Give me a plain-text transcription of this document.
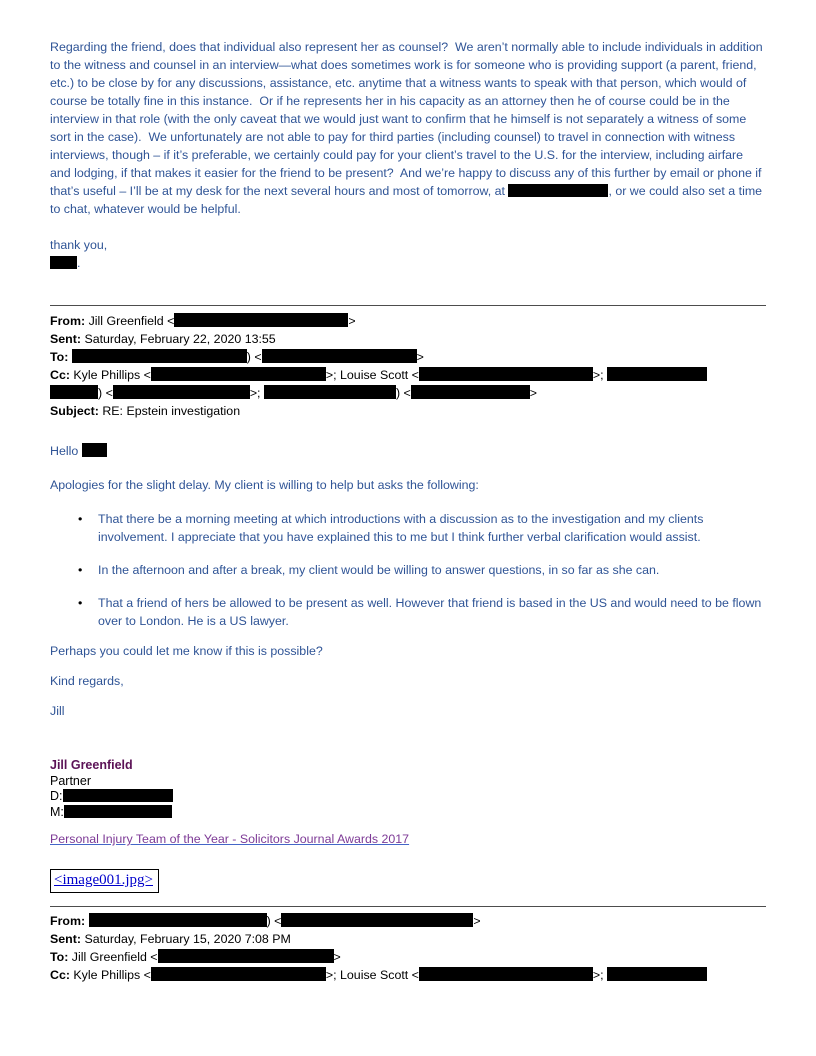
Regarding the friend, does that individual also represent her as counsel?  We aren’t normally able to include individuals in addition to the witness and counsel in an interview—what does sometimes work is for someone who is providing support (a parent, friend, etc.) to be close by for any discussions, assistance, etc. anytime that a witness wants to speak with that person, which would of course be totally fine in this instance.  Or if he represents her in his capacity as an attorney then he of course could be in the interview in that role (with the only caveat that we would just want to confirm that he himself is not separately a witness of some sort in the case).  We unfortunately are not able to pay for third parties (including counsel) to travel in connection with witness interviews, though – if it’s preferable, we certainly could pay for your client’s travel to the U.S. for the interview, including airfare and lodging, if that makes it easier for the friend to be present?  And we’re happy to discuss any of this further by email or phone if that’s useful – I’ll be at my desk for the next several hours and most of tomorrow, at	, or we could also set a time to chat, whatever would be helpful.
thank you,
.
From: Jill Greenfield <	>
Sent: Saturday, February 22, 2020 13:55
To:	) <	>
Cc: Kyle Phillips <	>; Louise Scott <	>;
) <	>;	) <	>
Subject: RE: Epstein investigation
Hello
Apologies for the slight delay. My client is willing to help but asks the following:
• That there be a morning meeting at which introductions with a discussion as to the investigation and my clients involvement. I appreciate that you have explained this to me but I think further verbal clarification would assist.
• In the afternoon and after a break, my client would be willing to answer questions, in so far as she can.
• That a friend of hers be allowed to be present as well. However that friend is based in the US and would need to be flown over to London. He is a US lawyer.
Perhaps you could let me know if this is possible?
Kind regards,
Jill
Jill Greenfield
Partner
D:
M:
Personal Injury Team of the Year - Solicitors Journal Awards 2017
<image001.jpg>
From:	) <	>
Sent: Saturday, February 15, 2020 7:08 PM
To: Jill Greenfield <	>
Cc: Kyle Phillips <	>; Louise Scott <	>;
